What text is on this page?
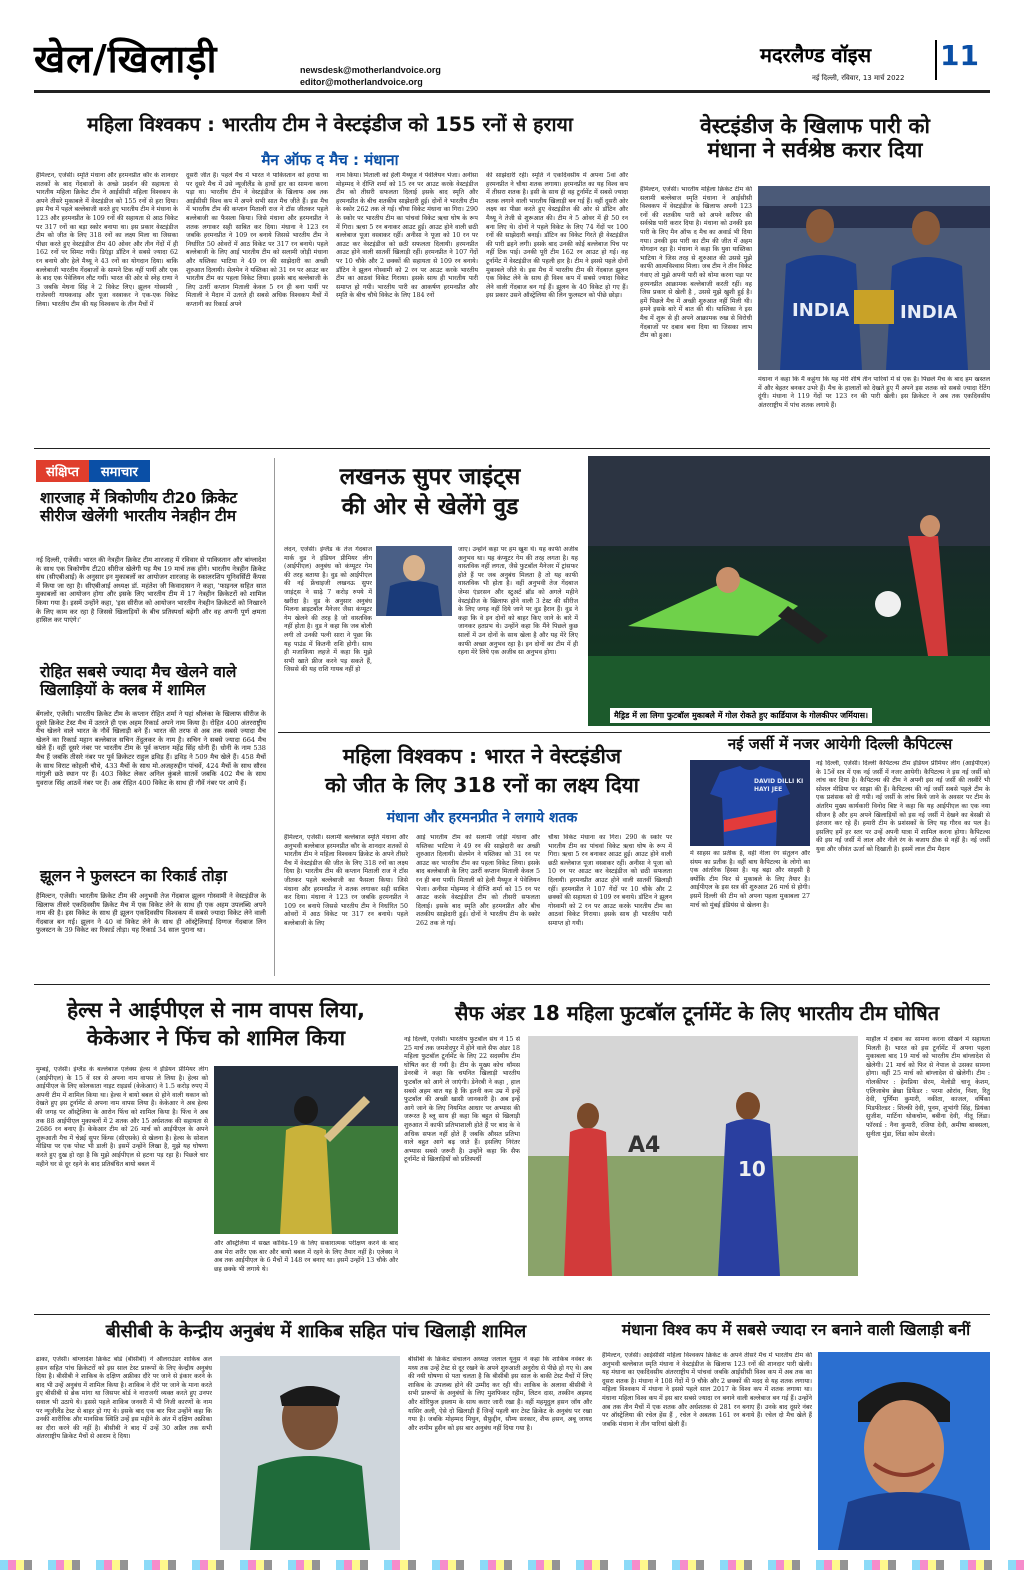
खेल/खिलाड़ी	newsdesk@motherlandvoice.org
editor@motherlandvoice.org
मदरलैण्ड वॉइस 11
नई दिल्ली, रविवार, 13 मार्च 2022
महिला विश्वकप : भारतीय टीम ने वेस्टइंडीज को 155 रनों से हराया
मैन ऑफ द मैच : मंधाना
हैमिल्टन, एजेंसी। स्मृति मंधाना और हरमनप्रीत कौर के शानदार शतकों के बाद गेंदबाजों के अच्छे प्रदर्शन की सहायता से भारतीय महिला क्रिकेट टीम ने आईसीसी महिला विश्वकप के अपने तीसरे मुकाबले में वेस्टइंडीज को 155 रनों से हरा दिया। इस मैच में पहले बल्लेबाजी करते हुए भारतीय टीम ने मंधाना के 123 और हरमनप्रीत के 109 रनों की सहायता से आठ विकेट पर 317 रनों का बड़ा स्कोर बनाया था। इस प्रकार वेस्टइंडीज टीम को जीत के लिए 318 रनों का लक्ष्य मिला था जिसका पीछा करते हुए वेस्टइंडीज टीम 40 ओवर और तीन गेंदों में ही 162 रनों पर सिमट गयी। डिएंड्रा डॉटिन ने सबसे ज्यादा 62 रन बनाये और हेले मैथ्यू ने 43 रनों का योगदान दिया। बाकि बल्लेबाजी भारतीय गेंदबाजों के सामने टिक नहीं पायीं और एक के बाद एक पेवेलियन लौट गयीं। भारत की ओर से स्नेह राणा ने 3 जबकि मेघना सिंह ने 2 विकेट लिए। झूलन गोस्वामी , राजेश्वरी गायकवाड़ और पूजा वस्त्राकर ने एक-एक विकेट लिया। भारतीय टीम की यह विश्वकप के तीन मैचों में
दूसरी जीत है। पहले मैच में भारत ने पाकिस्तान को हराया था पर दूसरे मैच में उसे न्यूजीलैंड के हाथों हार का सामना करना पड़ा था। भारतीय टीम ने वेस्टइंडीज के खिलाफ अब तक आईसीसी विश्व कप में अपने सभी सात मैच जीते हैं। इस मैच में भारतीय टीम की कप्तान मिताली राज ने टॉस जीतकर पहले बल्लेबाजी का फैसला किया। जिसे मंधाना और हरमनप्रीत ने शतक लगाकर सही साबित कर दिया। मंधाना ने 123 रन जबकि हरमनप्रीत ने 109 रन बनाये जिससे भारतीय टीम ने निर्धारित 50 ओवरों में आठ विकेट पर 317 रन बनाये। पहले बल्लेबाजी के लिए आई भारतीय टीम को सलामी जोड़ी मंधाना और यस्तिका भाटिया ने 49 रन की साझेदारी का अच्छी शुरुआत दिलायी। सेलमेन ने यस्तिका को 31 रन पर आउट कर भारतीय टीम का पहला विकेट लिया। इसके बाद बल्लेबाजी के लिए उतरीं कप्तान मिताली केवल 5 रन ही बना पायीं पर मिताली ने मैदान में उतरते ही सबसे अधिक विश्वकप मैचों में कप्तानी का रिकार्ड अपने
नाम किया। मिताली को हेली मैथ्यूज ने पेवेलियन भेजा। अनीसा मोहम्मद ने दीप्ति शर्मा को 15 रन पर आउट करके वेस्टइंडीज टीम को तीसरी सफलता दिलाई इसके बाद स्मृति और हरमनप्रीत के बीच शतकीय साझेदारी हुई। दोनों ने भारतीय टीम के स्कोर 262 तक ले गई। चौथा विकेट मंधाना का गिरा। 290 के स्कोर पर भारतीय टीम का पांचवां विकेट ऋचा घोष के रूप में गिरा। ऋचा 5 रन बनाकर आउट हुई। आउट होने वाली छठी बल्लेबाज पूजा वस्त्राकर रहीं। अनीसा ने पूजा को 10 रन पर आउट कर वेस्टइंडीज को छठी सफलता दिलायी। हरमनप्रीत आउट होने वाली सातवीं खिलाड़ी रहीं। हरमनप्रीत ने 107 गेंदों पर 10 चौके और 2 छक्कों की सहायता से 109 रन बनाये। डॉटिन ने झूलन गोस्वामी को 2 रन पर आउट करके भारतीय टीम का आठवां विकेट गिराया। इसके साथ ही भारतीय पारी समाप्त हो गयी। भारतीय पारी का आकर्षण हरमनप्रीत और स्मृति के बीच चौथे विकेट के लिए 184 रनों
की साझेदारी रही। स्मृति ने एकदिवसीय में अपना 5वां और हरमनप्रीत ने चौथा शतक लगाया। हरमनप्रीत का यह विश्व कप में तीसरा शतक है। इसी के साथ ही वह टूर्नामेंट में सबसे ज्यादा शतक लगाने वाली भारतीय खिलाड़ी बन गई हैं। वहीं दूसरी ओर लक्ष्य का पीछा करते हुए वेस्टइंडीज की ओर से डॉटिन और मैथ्यू ने तेजी से शुरूआत की। टीम ने 5 ओवर में ही 50 रन बना लिए थे। दोनों ने पहले विकेट के लिए 74 गेंदों पर 100 रनों की साझेदारी बनाई। डॉटिन का विकेट गिरते ही वेस्टइंडीज की पारी ढहने लगी। इसके बाद उनकी कोई बल्लेबाज पिच पर नहीं टिक पाई। उनकी पूरी टीम 162 रन आउट हो गई। वह टूर्नामेंट में वेस्टइंडीज की पहली हार है। टीम ने इससे पहले दोनों मुकाबले जीते थे। इस मैच में भारतीय टीम की गेंदबाज झूलन एक विकेट लेने के साथ ही विश्व कप में सबसे ज्यादा विकेट लेने वाली गेंदबाज बन गई हैं। झूलन के 40 विकेट हो गए हैं। इस प्रकार उसने ऑस्ट्रेलिया की लिन फुलस्टन को पीछे छोड़ा।
वेस्टइंडीज के खिलाफ पारी को
मंधाना ने सर्वश्रेष्ठ करार दिया
हैमिल्टन, एजेंसी। भारतीय महिला क्रिकेट टीम की सलामी बल्लेबाज स्मृति मंधाना ने आईसीसी विश्वकप में वेस्टइंडीज के खिलाफ अपनी 123 रनों की शतकीय पारी को अपने करियर की सर्वश्रेष्ठ पारी करार दिया है। मंधाना को उनकी इस पारी के लिए मैन ऑफ द मैच का अवार्ड भी दिया गया। उनकी इस पारी का टीम की जीत में अहम योगदान रहा है। मंधाना ने कहा कि युवा यास्तिका भाटिया ने जिस तरह से शुरुआत की उससे मुझे काफी आत्मविश्वास मिला। जब टीम ने तीन विकेट गंवाए तो मुझे अपनी पारी को थोमा करना पड़ा पर हरमनप्रीत आक्रामक बल्लेबाजी करती रहीं। वह जिस प्रकार से खेली है , उससे मुझे खुशी हुई है। हमें पिछले मैच में अच्छी शुरुआत नहीं मिली थी। हमने इसके बारे में बात की थी। यास्तिका ने इस मैच में शुरू से ही अपने आक्रामक रुख से विरोधी गेंदबाजों पर दबाव बना दिया था जिसका लाभ टीम को हुआ।
INDIA	INDIA
मंधाना ने कहा कि मैं कहूंगा कि यह मेरी शीर्ष तीन पारियों में से एक है। पिछले मैच के बाद हम खस्तल में और बेहतर बनकर उभरे हैं। मैच के हालातों को देखते हुए मैं अपने इस शतक को सबसे ज्यादा रेटिंग दूंगी। मंधाना ने 119 गेंदों पर 123 रन की पारी खेली। इस क्रिकेटर ने अब तक एकदिवसीय अंतरराष्ट्रीय में पांच शतक लगाये हैं।
संक्षिप्त समाचार
शारजाह में त्रिकोणीय टी20 क्रिकेट सीरीज खेलेंगी भारतीय नेत्रहीन टीम
नई दिल्ली, एजेंसी। भारत की नेत्रहीन क्रिकेट टीम शारजाह में रविवार से पाकिस्तान और बांग्लादेश के साथ एक त्रिकोणीय टी20 सीरीज खेलेगी यह मैच 19 मार्च तक होंगे। भारतीय नेत्रहीन क्रिकेट संघ (सीएबीआई) के अनुसार इन मुकाबलों का आयोजन शारजाह के स्कालरशिप यूनिवर्सिटी कैंपस में किया जा रहा है। सीएबीआई अध्यक्ष डॉ. महंतेश जी किवादासन ने कहा, 'फाइनल सहित सात मुकाबलों का आयोजन होगा और इसके लिए भारतीय टीम में 17 नेत्रहीन क्रिकेटरों को शामिल किया गया है। इसमें उन्होंने कहा, 'इस सीरीज को आयोजन भारतीय नेत्रहीन क्रिकेटरों को निखारने के लिए काम कर रहा है जिससे खिलाड़ियों के बीच प्रतिस्पर्धा बढ़ेगी और वह अपनी पूर्ण क्षमता हासिल कर पाएंगे।'
रोहित सबसे ज्यादा मैच खेलने वाले खिलाड़ियों के क्लब में शामिल
बेंगलोर, एजेंसी। भारतीय क्रिकेट टीम के कप्तान रोहित शर्मा ने यहां श्रीलंका के खिलाफ सीरीज के दूसरे क्रिकेट टेस्ट मैच में उतरते ही एक अहम रिकार्ड अपने नाम किया है। रोहित 400 अंतरराष्ट्रीय मैच खेलने वाले भारत के नौवें खिलाड़ी बने हैं। भारत की तरफ से अब तक सबसे ज्यादा मैच खेलने का रिकार्ड महान बल्लेबाज सचिन तेंदुलकर के नाम है। सचिन ने सबसे ज्यादा 664 मैच खेले हैं। वहीं दूसरे नंबर पर भारतीय टीम के पूर्व कप्तान महेंद्र सिंह धोनी हैं। धोनी के नाम 538 मैच हैं जबकि तीसरे नंबर पर पूर्व क्रिकेटर राहुल द्रविड़ हैं। द्रविड़ ने 509 मैच खेले हैं। 458 मैचों के साथ विराट कोहली चौथे, 433 मैचों के साथ मो.अजहरुद्दीन पांचवें, 424 मैचों के साथ सौरव गांगुली छठे स्थान पर हैं। 403 विकेट लेकर अनिल कुंबले सातवें जबकि 402 मैच के साथ युवराज सिंह आठवें नंबर पर हैं। अब रोहित 400 विकेट के साथ ही नौवें नंबर पर आये हैं।
झूलन ने फुलस्टन का रिकार्ड तोड़ा
हैमिल्टन, एजेंसी। भारतीय क्रिकेट टीम की अनुभवी तेज गेंदबाज झूलन गोस्वामी ने वेस्टइंडीज के खिलाफ तीसरे एकदिवसीय क्रिकेट मैच में एक विकेट लेने के साथ ही एक अहम उपलब्धि अपने नाम की है। इस विकेट के साथ ही झूलन एकदिवसीय विश्वकप में सबसे ज्यादा विकेट लेने वाली गेंदबाज बन गई। झूलन ने 40 वां विकेट लेने के साथ ही ऑस्ट्रेलियाई दिग्गज गेंदबाज लिन फुलस्टन के 39 विकेट का रिकार्ड तोड़ा। यह रिकार्ड 34 साल पुराना था।
लखनऊ सुपर जाइंट्स
की ओर से खेलेंगे वुड
लंदन, एजेंसी। इंग्लैंड के तेज गेंदबाज मार्क वुड ने इंडियन प्रीमियर लीग (आईपीएल) अनुबंध को कंप्यूटर गेम की तरह बताया है। वुड को आईपीएल की नई फ्रेंचाइजी लखनऊ सुपर जाइंट्स ने साढ़े 7 करोड़ रुपये में खरीदा है। वुड के अनुसार अनुबंध मिलना ब्राइटबॉल मैनेजर जैसा कंप्यूटर गेम खेलने की तरह है जो वास्तविक नहीं होता है। वुड ने कहा कि जब बोली लगी तो उनकी पत्नी सारा ने पूछा कि यह पाउंड में कितनी राशि होगी। साथ ही मजाकिया लहजे में कहा कि मुझे सभी खाते फ्रीज करने पड़ सकते हैं, जिससे की यह राशि गायब नहीं हो
जाए। उन्होंने कहा पर हम खुश थे। यह काफी अजीब अनुभव था। यह कंप्यूटर गेम की तरह लगता है। यह वास्तविक नहीं लगता, जैसे फुटबॉल मैनेजर में ट्रांसफर होते हैं पर जब अनुबंध मिलता है तो यह काफी वास्तविक भी होता है। वहीं अनुभवी तेज गेंदबाज जेम्स एंडरसन और स्टुअर्ट ब्रॉड को अगले महीने वेस्टइंडीज के खिलाफ होने वाली 3 टेस्ट की सीरीज के लिए जगह नहीं दिये जाने पर वुड हैरान हैं। वुड ने कहा कि वे इन दोनों को बाहर किए जाने के बारे में जानकर हतप्रभ थे। उन्होंने कहा कि मैंने पिछले कुछ सालों में उन दोनों के साथ खेला है और यह मेरे लिए काफी अच्छा अनुभव रहा है। इन दोनों का टीम में ही रहना मेरे लिये एक अजीब सा अनुभव होगा।
मैड्रिड में ला लिगा फुटबॉल मुकाबले में गोल रोकते हुए कार्डियाज के गोलकीपर जर्मियास।
महिला विश्वकप : भारत ने वेस्टइंडीज
को जीत के लिए 318 रनों का लक्ष्य दिया
मंधाना और हरमनप्रीत ने लगाये शतक
हैमिल्टन, एजेंसी। सलामी बल्लेबाज स्मृति मंधाना और अनुभवी बल्लेबाज हरमनप्रीत कौर के शानदार शतकों से भारतीय टीम ने महिला विश्वकप क्रिकेट के अपने तीसरे मैच में वेस्टइंडीज की जीत के लिए 318 रनों का लक्ष्य दिया है। भारतीय टीम की कप्तान मिताली राज ने टॉस जीतकर पहले बल्लेबाजी का फैसला किया। जिसे मंधाना और हरमनप्रीत ने शतक लगाकर सही साबित कर दिया। मंधाना ने 123 रन जबकि हरमनप्रीत ने 109 रन बनाये जिससे भारतीय टीम ने निर्धारित 50 ओवरों में आठ विकेट पर 317 रन बनाये। पहले बल्लेबाजी के लिए
आई भारतीय टीम को सलामी जोड़ी मंधाना और यस्तिका भाटिया ने 49 रन की साझेदारी का अच्छी शुरुआत दिलायी। सेलमेन ने यस्तिका को 31 रन पर आउट कर भारतीय टीम का पहला विकेट लिया। इसके बाद बल्लेबाजी के लिए उतरीं कप्तान मिताली केवल 5 रन ही बना पायीं। मिताली को हेली मैथ्यूज ने पेवेलियन भेजा। अनीसा मोहम्मद ने दीप्ति शर्मा को 15 रन पर आउट करके वेस्टइंडीज टीम को तीसरी सफलता दिलाई। इसके बाद स्मृति और हरमनप्रीत और बीच शतकीय साझेदारी हुई। दोनों ने भारतीय टीम के स्कोर 262 तक ले गई।
चौथा विकेट मंधाना का गिरा। 290 के स्कोर पर भारतीय टीम का पांचवां विकेट ऋचा घोष के रूप में गिरा। ऋचा 5 रन बनाकर आउट हुई। आउट होने वाली छठी बल्लेबाज पूजा वस्त्राकर रहीं। अनीसा ने पूजा को 10 रन पर आउट कर वेस्टइंडीज को छठी सफलता दिलायी। हरमनप्रीत आउट होने वाली सातवीं खिलाड़ी रहीं। हरमनप्रीत ने 107 गेंदों पर 10 चौके और 2 छक्कों की सहायता से 109 रन बनाये। डॉटिन ने झूलन गोस्वामी को 2 रन पर आउट करके भारतीय टीम का आठवां विकेट गिराया। इसके साथ ही भारतीय पारी समाप्त हो गयी।
नई जर्सी में नजर आयेगी दिल्ली कैपिटल्स
DAVID DILLI KI HAYI JEE
नई दिल्ली, एजेंसी। दिल्ली कैपिटल्स टीम इंडियन प्रीमियर लीग (आईपीएल) के 15वें सत्र में एक नई जर्सी में नजर आयेगी। कैपिटल्स ने इस नई जर्सी को लांच कर दिया है। कैपिटल्स की टीम ने अपनी इस नई जर्सी की तस्वीरें भी सोशल मीडिया पर साझा की हैं। कैपिटल्स की नई जर्सी सबसे पहले टीम के एक प्रशंसक को दी गयी। नई जर्सी के लांच किये जाने के अवसर पर टीम के अंतरिम मुख्य कार्यकारी विनोद बिष्ट ने कहा कि यह आईपीएल का एक नया सीजन है और हम अपने खिलाड़ियों को इस नई जर्सी में देखने का बेसब्री से इंतजार कर रहे हैं। हमारी टीम के प्रशंसकों के लिए यह गौरव का पल है। इसलिए हमें हर स्तर पर उन्हें अपनी यात्रा में शामिल करना होगा। कैपिटल्स की इस नई जर्सी में लाल और नीले रंग के बजाय ठीक से नहीं है। नई जर्सी युवा और जीवंत ऊर्जा को दिखाती है। इसमें लाल टीम मैदान
में साहस का प्रतीक है, वहीं नीला रंग संतुलन और संयम का प्रतीक है। वहीं बाघ कैपिटल्स के लोगो का एक आंतरिक हिस्सा है। यह बढ़ा और साहसी है क्योंकि टीम फिर से मुकाबले के लिए तैयार है। आईपीएल के इस सत्र की शुरुआत 26 मार्च से होगी। इसमें दिल्ली की टीम को अपना पहला मुकाबला 27 मार्च को मुंबई इंडियंस से खेलना है।
हेल्स ने आईपीएल से नाम वापस लिया,
केकेआर ने फिंच को शामिल किया
मुम्बई, एजेंसी। इंग्लैंड के बल्लेबाज एलेक्स हेल्स ने इंडियन प्रीमियर लीग (आईपीएल) के 15 वें सत्र से अपना नाम वापस ले लिया है। हेल्स को आईपीएल के लिए कोलकाता नाइट राइडर्स (केकेआर) ने 1.5 करोड़ रुपए में अपनी टीम में शामिल किया था। हेल्स ने बायो बबल से होने वाली थकान को देखते हुए इस टूर्नामेंट से अपना नाम वापस लिया है। केकेआर ने अब हेल्स की जगह पर ऑस्ट्रेलिया के आरोन फिंच को शामिल किया है। फिंच ने अब तक 88 आईपीएल मुकाबलों में 2 शतक और 15 अर्धशतक की सहायता से 2686 रन बनाए हैं। केकेआर टीम को 26 मार्च को आईपीएल के अपने शुरूआती मैच में चेन्नई सुपर किंग्स (सीएसके) से खेलना है। हेल्स के सोशल मीडिया पर एक पोस्ट भी डाली है। इसमें उन्होंने लिखा है, मुझे यह घोषणा करते हुए दुख हो रहा है कि मुझे आईपीएल से हटना पड़ रहा है। पिछले चार महीने घर से दूर रहने के बाद प्रतिबंधित बायो बबल में
और ऑस्ट्रेलिया में सख्त कोविड-19 के लिए सकारात्मक परीक्षण करने के बाद अब मेरा शरीर एक बार और बायो बबल में रहने के लिए तैयार नहीं है। एलेक्स ने अब तक आईपीएल के 6 मैचों में 148 रन बनाए था। इसमें उन्होंने 13 चौके और छह छक्के भी लगाये थे।
सैफ अंडर 18 महिला फुटबॉल टूर्नामेंट के लिए भारतीय टीम घोषित
नई दिल्ली, एजेंसी। भारतीय फुटबॉल संघ ने 15 से 25 मार्च तक जमशेदपुर में होने वाले सैफ अंडर 18 महिला फुटबॉल टूर्नामेंट के लिए 22 सदस्यीय टीम घोषित कर दी गयी है। टीम के मुख्य कोच थॉमस डेनरबी ने कहा कि चयनित खिलाड़ी भारतीय फुटबॉल को आगे ले जाएंगी। डेनेरबी ने कहा , हाल सबसे अहम बात यह है कि इतनी कम उम्र में इन्हें फुटबॉल की अच्छी खासी जानकारी है। अब इन्हें आगे जाने के लिए नियमित आधार पर अभ्यास की जरूरत है ब्लू साथ ही कहा कि बहुत से खिलाड़ी शुरुआत में काफी प्रतिभाशाली होते हैं पर बाद के वे अधिक सफल नहीं होते हैं जबकि औसत प्रतिभा वाले बहुत आगे बढ़ जाते हैं। इसलिए निरंतर अभ्यास सबसे जरूरी है। उन्होंने कहा कि सैफ टूर्नामेंट से खिलाड़ियों को प्रतिस्पर्धी
A4
10
माहौल में दबाव का सामना करना सीखने में सहायता मिलती है। भारत को इस टूर्नामेंट में अपना पहला मुकाबला बाद 19 मार्च को भारतीय टीम बांग्लादेश से खेलेगी। 21 मार्च को फिर से नेपाल से उसका सामना होगा। वहीं 25 मार्च को बांग्लादेश से खेलेगी। टीम : गोलकीपर : हेमप्रिया सेरम, मेलोडी चानू केशम, एलिजाबेथ ब्रेखा डिफेंडर : परमा ओरांव, निशा, रितु देवी, पूर्णिमा कुमारी, नकीता, काजल, वर्षिका मिडफील्डर : शिल्की देवी, पूनम, शुभांगी सिंह, प्रियंका सुजीश, मार्टिना थोकचोम, बबीना देवी, नीतू लिंडा। फॉरवर्ड : नैना कुमारी, रजिया देवी, अमीषा बाक्सला, सुनीता मुंडा, लिंडा कोम सेरतो।
बीसीबी के केन्द्रीय अनुबंध में शाकिब सहित पांच खिलाड़ी शामिल
ढाका, एजेंसी। बांग्लादेश क्रिकेट बोर्ड (बीसीबी) ने ऑलराउंडर शाकिब अल हसन सहित पांच क्रिकेटरों को इस साल टेस्ट प्रारूपों के लिए केन्द्रीय अनुबंध दिया है। बीसीबी ने शाकिब के दक्षिण अफ्रीका दौरे पर जाने से इंकार करने के बाद भी उन्हें अनुबंध में शामिल किया है। शाकिब ने दौरे पर जाने के माना करते हुए बीसीबी से ब्रेक मांगा था जिसपर बोर्ड ने नाराजगी व्यक्त करते हुए उनपर सवाल भी उठाये थे। इससे पहले शाकिब जनवरी में भी निजी कारणों के नाम पर न्यूजीलैंड टेस्ट से बाहर हो गए थे। इसके बाद एक बार फिर उन्होंने कहा कि उनकी शारीरिक और मानसिक स्थिति उन्हें इस महीने के अंत में दक्षिण अफ्रीका का दौरा करने की नहीं है। बीसीबी ने बाद में उन्हें 30 अप्रैल तक सभी अंतरराष्ट्रीय क्रिकेट मैचों से आराम दे दिया।
बीसीबी के क्रिकेट संचालन अध्यक्ष जलाल यूनुस ने कहा कि शाकिब नवंबर के मध्य तक उन्हें टेस्ट से दूर रखने के अपने शुरुआती अनुरोध से पीछे हो गए थे। अब की नयी घोषणा से पता चलता है कि बीसीबी इस साल के बाकी टेस्ट मैचों में लिए शाकिब के उपलब्ध होने की उम्मीद कर रही थी। शाकिब के अलावा बीसीबी ने सभी प्रारूपों के अनुबंधों के लिए मुशफिकर रहीम, लिटन दास, तस्कीन अहमद और शोरिफुल इस्लाम के साथ करार जारी रखा है। वहीं महमूदुल हसन जॉय और यासिर अली, ऐसे दो खिलाड़ी हैं जिन्हें पहली बार टेस्ट क्रिकेट के अनुबंध पर रखा गया है। जबकि मोहम्मद मिथुन, सैफ़ुद्दीन, सौम्य सरकार, शैफ हसन, अबू जायद और शमीम हुसैन को इस बार अनुबंध नहीं दिया गया है।
मंधाना विश्व कप में सबसे ज्यादा रन बनाने वाली खिलाड़ी बनीं
हैमिल्टन, एजेंसी। आईसीसी महिला विश्वकप क्रिकेट के अपने तीसरे मैच में भारतीय टीम की अनुभवी बल्लेबाज स्मृति मंधाना ने वेस्टइंडीज के खिलाफ 123 रनों की शानदार पारी खेली। यह मंधाना का एकदिवसीय अंतरराष्ट्रीय में पांचवां जबकि आईसीसी विश्व कप में अब तक का दूसरा शतक है। मंधाना ने 108 गेंदों में 9 चौके और 2 छक्कों की मदद से यह शतक लगाया। महिला विश्वकप में मंधाना ने इससे पहले साल 2017 के विश्व कप में शतक लगाया था। मंधाना महिला विश्व कप में इस बार सबसे ज्यादा रन बनाने वाली बल्लेबाज बन गई हैं। उन्होंने अब तक तीन मैचों में एक शतक और अर्धशतक से 281 रन बनाए हैं। उनके बाद दूसरे नंबर पर ऑस्ट्रेलिया की रचेल हेंस हैं , रचेल ने अबतक 161 रन बनाये हैं। रचेल दो मैच खेले हैं जबकि मंधाना ने तीन पारियां खेली हैं।
